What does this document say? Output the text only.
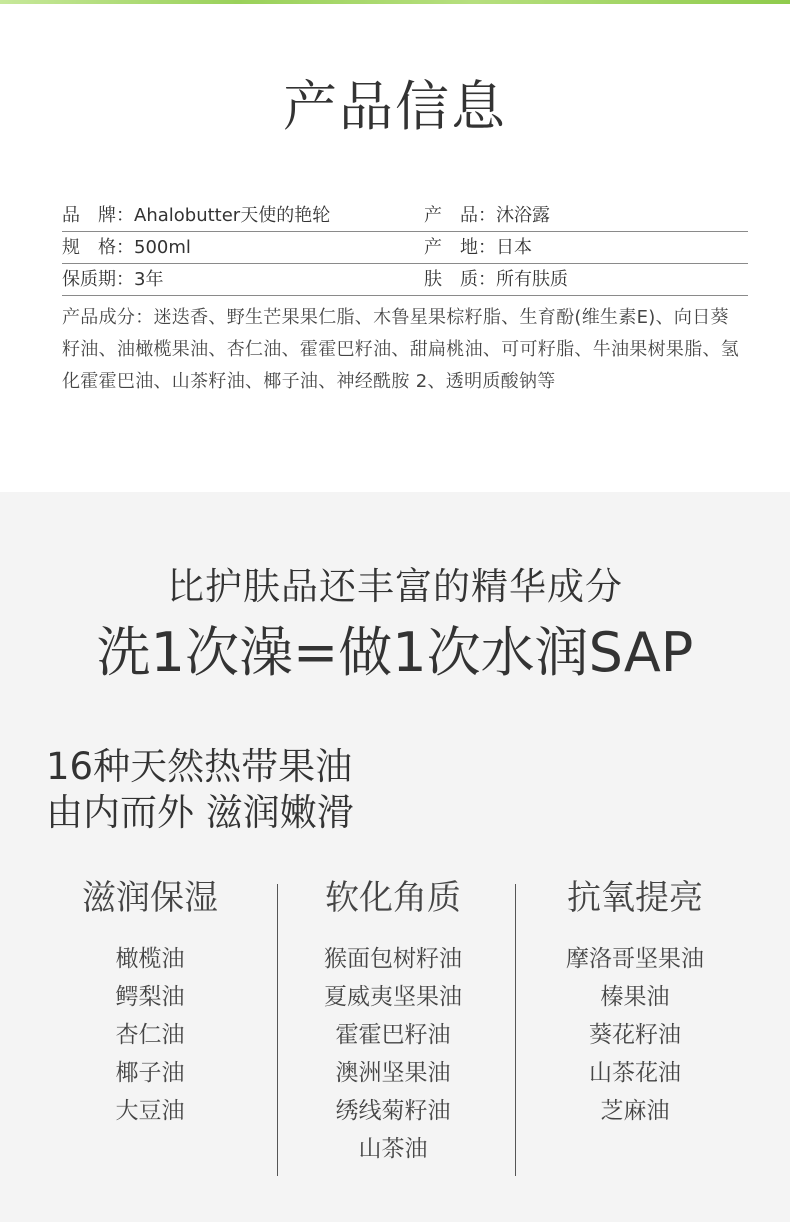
产品信息
品　牌：Ahalobutter天使的艳轮	产　品：沐浴露
规　格：500ml	产　地：日本
保质期：3年	肤　质：所有肤质
产品成分：迷迭香、野生芒果果仁脂、木鲁星果棕籽脂、生育酚(维生素E)、向日葵籽油、油橄榄果油、杏仁油、霍霍巴籽油、甜扁桃油、可可籽脂、牛油果树果脂、氢化霍霍巴油、山茶籽油、椰子油、神经酰胺 2、透明质酸钠等
比护肤品还丰富的精华成分
洗1次澡=做1次水润SAP
16种天然热带果油
由内而外 滋润嫩滑
滋润保湿
橄榄油
鳄梨油
杏仁油
椰子油
大豆油
软化角质
猴面包树籽油
夏威夷坚果油
霍霍巴籽油
澳洲坚果油
绣线菊籽油
山茶油
抗氧提亮
摩洛哥坚果油
榛果油
葵花籽油
山茶花油
芝麻油
